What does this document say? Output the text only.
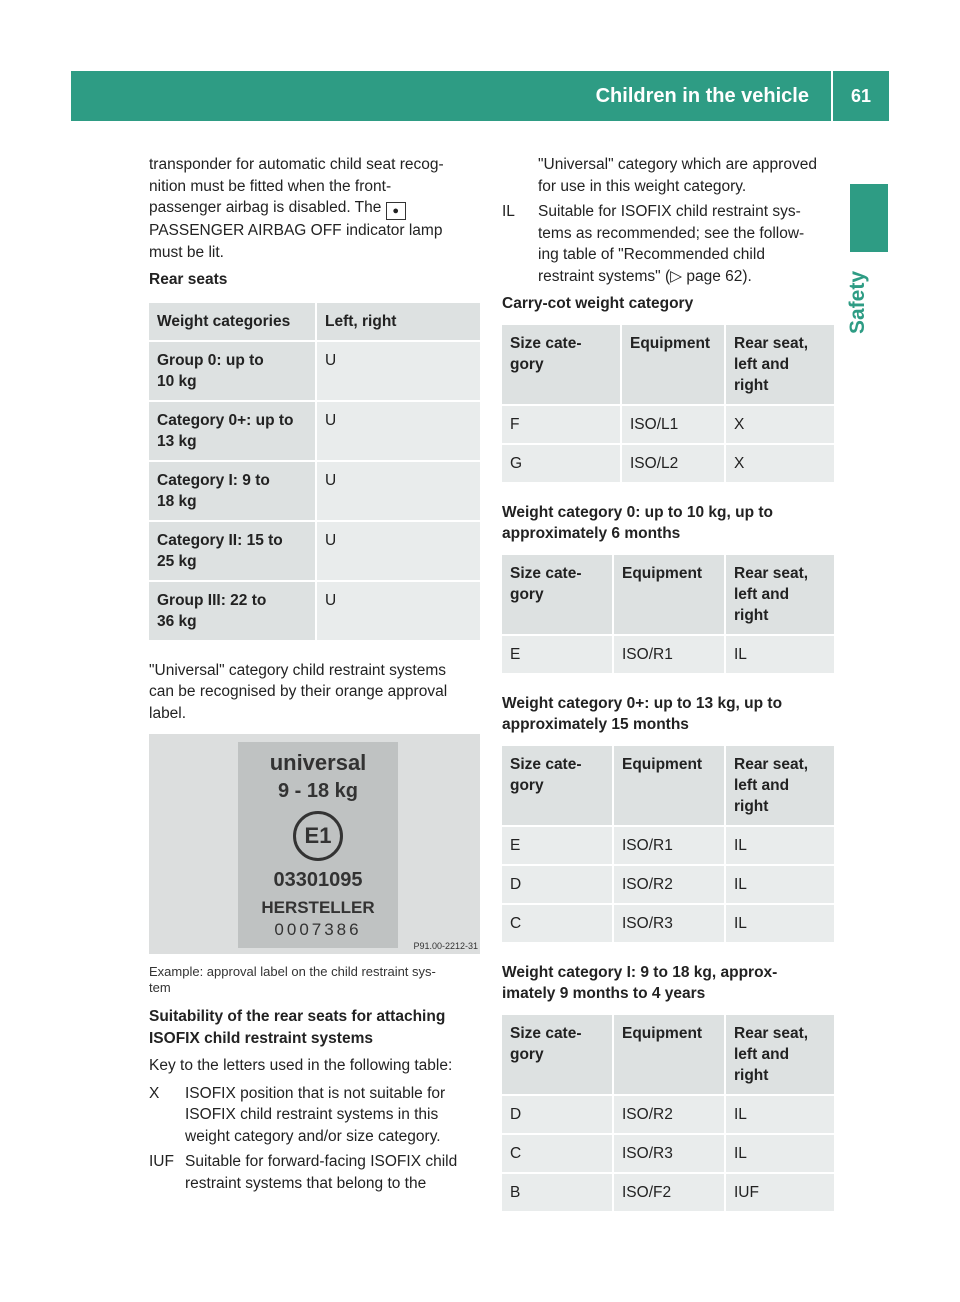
Children in the vehicle	61
Safety

transponder for automatic child seat recog-

nition must be fitted when the front-

passenger airbag is disabled. The ●

PASSENGER AIRBAG OFF indicator lamp

must be lit.

Rear seats

Weight categories	Left, right
Group 0: up to
10 kg	U
Category 0+: up to
13 kg	U
Category I: 9 to
18 kg	U
Category II: 15 to
25 kg	U
Group III: 22 to
36 kg	U

"Universal" category child restraint systems

can be recognised by their orange approval

label.

universal
9 - 18 kg
E1
03301095
HERSTELLER
0007386
P91.00-2212-31
Example: approval label on the child restraint sys-
tem

Suitability of the rear seats for attaching

ISOFIX child restraint systems

Key to the letters used in the following table:

X	ISOFIX position that is not suitable for
ISOFIX child restraint systems in this
weight category and/or size category.
IUF Suitable for forward-facing ISOFIX child
restraint systems that belong to the

"Universal" category which are approved

for use in this weight category.

IL	Suitable for ISOFIX child restraint sys-
tems as recommended; see the follow-
ing table of "Recommended child
restraint systems" (▷ page 62).

Carry-cot weight category

Size cate-
gory	Equipment	Rear seat,
left and
right
F	ISO/L1	X
G	ISO/L2	X

Weight category 0: up to 10 kg, up to

approximately 6 months

Size cate-
gory	Equipment	Rear seat,
left and
right
E	ISO/R1	IL

Weight category 0+: up to 13 kg, up to

approximately 15 months

Size cate-
gory	Equipment	Rear seat,
left and
right
E	ISO/R1	IL
D	ISO/R2	IL
C	ISO/R3	IL

Weight category I: 9 to 18 kg, approx-

imately 9 months to 4 years

Size cate-
gory	Equipment	Rear seat,
left and
right
D	ISO/R2	IL
C	ISO/R3	IL
B	ISO/F2	IUF
